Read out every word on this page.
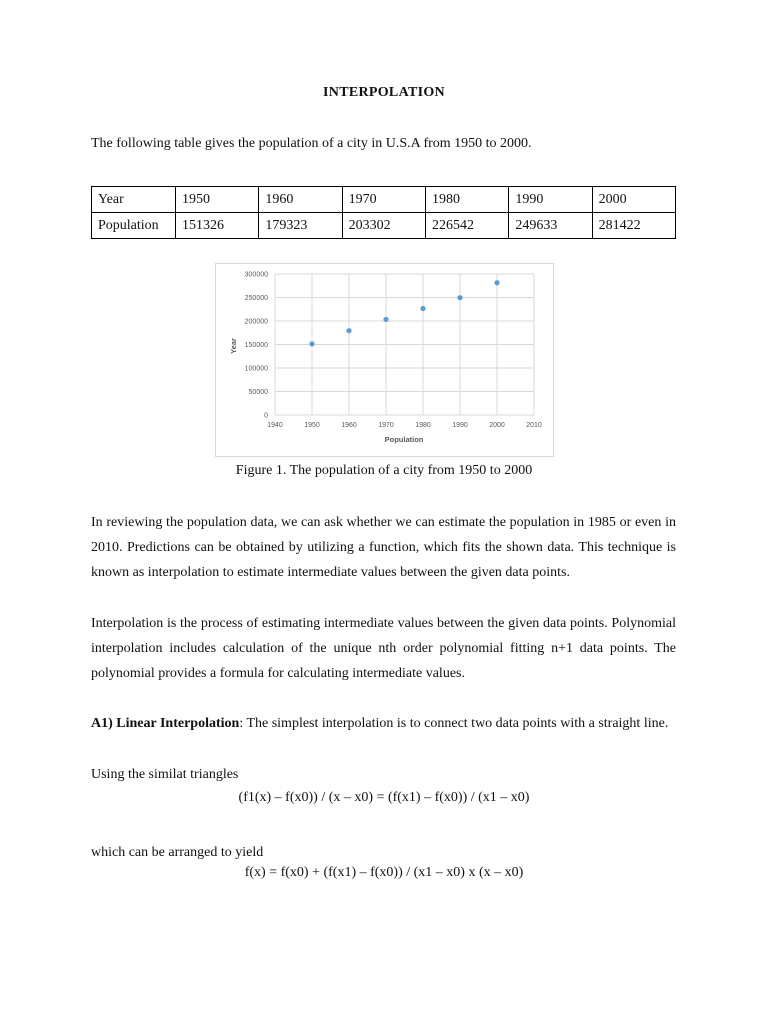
INTERPOLATION

The following table gives the population of a city in U.S.A from 1950 to 2000.

Year	1950	1960	1970	1980	1990	2000
Population	151326	179323	203302	226542	249633	281422
0
50000
100000
150000
200000
250000
300000
1940	1950	1960	1970	1980	1990	2000	2010
Year
Population

Figure 1. The population of a city from 1950 to 2000

In reviewing the population data, we can ask whether we can estimate the population in 1985 or even in 2010. Predictions can be obtained by utilizing a function, which fits the shown data. This technique is known as interpolation to estimate intermediate values between the given data points.

Interpolation is the process of estimating intermediate values between the given data points. Polynomial interpolation includes calculation of the unique nth order polynomial fitting n+1 data points. The polynomial provides a formula for calculating intermediate values.

A1) Linear Interpolation: The simplest interpolation is to connect two data points with a straight line.

Using the similat triangles

(f1(x) – f(x0)) / (x – x0) = (f(x1) – f(x0)) / (x1 – x0)

which can be arranged to yield

f(x) = f(x0) + (f(x1) – f(x0)) / (x1 – x0) x (x – x0)
